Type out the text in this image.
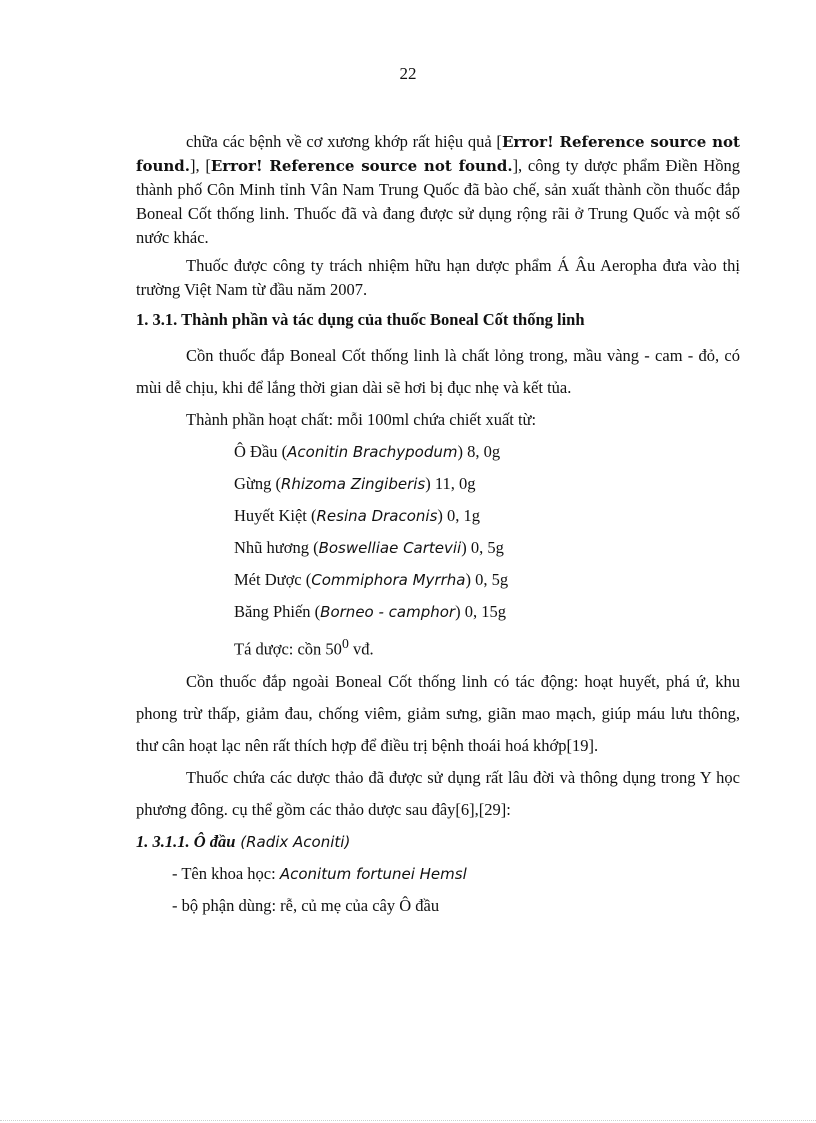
22

chữa các bệnh về cơ xương khớp rất hiệu quả [Error! Reference source not found.], [Error! Reference source not found.], công ty dược phẩm Điền Hồng thành phố Côn Minh tỉnh Vân Nam Trung Quốc đã bào chế, sản xuất thành cồn thuốc đắp Boneal Cốt thống linh. Thuốc đã và đang được sử dụng rộng rãi ở Trung Quốc và một số nước khác.

Thuốc được công ty trách nhiệm hữu hạn dược phẩm Á Âu Aeropha đưa vào thị trường Việt Nam từ đầu năm 2007.

1. 3.1. Thành phần và tác dụng của thuốc Boneal Cốt thống linh

Cồn thuốc đắp Boneal Cốt thống linh là chất lỏng trong, mầu vàng - cam - đỏ, có mùi dễ chịu, khi để lắng thời gian dài sẽ hơi bị đục nhẹ và kết tủa.

Thành phần hoạt chất: mỗi 100ml chứa chiết xuất từ:

Ô Đầu (Aconitin Brachypodum) 8, 0g

Gừng (Rhizoma Zingiberis) 11, 0g

Huyết Kiệt (Resina Draconis) 0, 1g

Nhũ hương (Boswelliae Cartevii) 0, 5g

Mét Dược (Commiphora Myrrha) 0, 5g

Băng Phiến (Borneo - camphor) 0, 15g

Tá dược: cồn $50^0$ vđ.

Cồn thuốc đắp ngoài Boneal Cốt thống linh có tác động: hoạt huyết, phá ứ, khu phong trừ thấp, giảm đau, chống viêm, giảm sưng, giãn mao mạch, giúp máu lưu thông, thư cân hoạt lạc nên rất thích hợp để điều trị bệnh thoái hoá khớp[19].

Thuốc chứa các dược thảo đã được sử dụng rất lâu đời và thông dụng trong Y học phương đông. cụ thể gồm các thảo dược sau đây[6],[29]:

1. 3.1.1. Ô đầu (Radix Aconiti)

- Tên khoa học: Aconitum fortunei Hemsl

- bộ phận dùng: rễ, củ mẹ của cây Ô đầu
